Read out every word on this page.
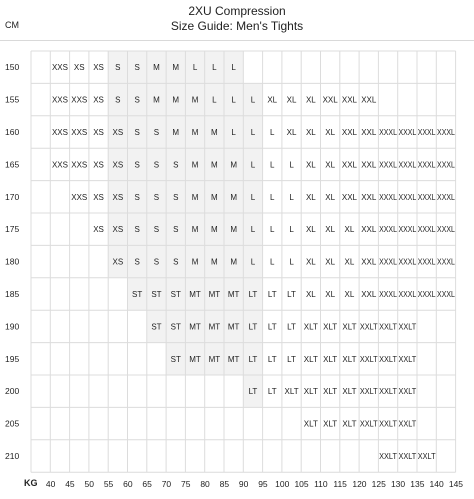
2XU Compression
Size Guide: Men's Tights
CM
KG
150
155
160
165
170
175
180
185
190
195
200
205
210
40 45 50 55 60 65 70 75 80 85 90 95 100 105 110 115 120 125 130 135 140 145
XXS XS XS S S M M L L L
XXS XXS XS S S M M M L L L XL XL XL XXL XXL XXL
XXS XXS XS XS S S M M M L L L XL XL XL XXL XXL XXXL XXXL XXXL XXXL
XXS XXS XS XS S S S M M M L L L XL XL XXL XXL XXXL XXXL XXXL XXXL
XXS XS XS S S S M M M L L L XL XL XXL XXL XXXL XXXL XXXL XXXL
XS XS S S S M M M L L L XL XL XL XXL XXXL XXXL XXXL XXXL
XS S S S M M M L L L XL XL XL XXL XXXL XXXL XXXL XXXL
ST ST ST MT MT MT LT LT LT XL XL XL XXL XXXL XXXL XXXL XXXL
ST ST MT MT MT LT LT LT XLT XLT XLT XXLT XXLT XXLT
ST MT MT MT LT LT LT XLT XLT XLT XXLT XXLT XXLT
LT LT XLT XLT XLT XLT XXLT XXLT XXLT
XLT XLT XLT XXLT XXLT XXLT
XXLT XXLT XXLT
